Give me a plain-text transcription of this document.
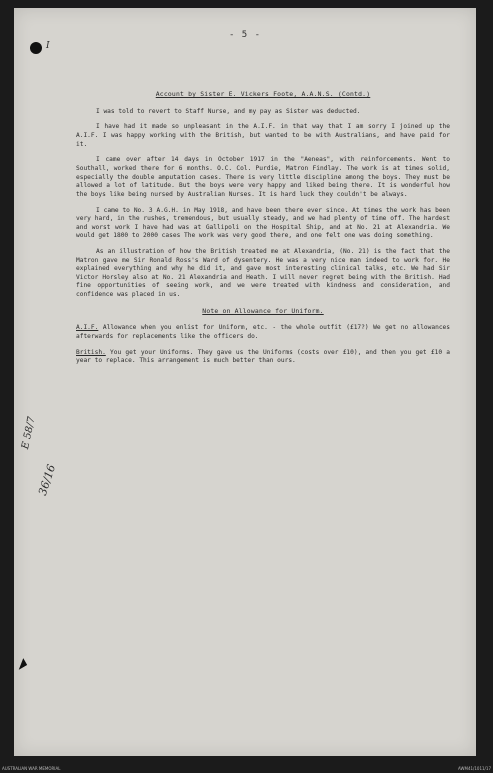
I
- 5 -
E 58/7
36/16
Account by Sister E. Vickers Foote, A.A.N.S. (Contd.)

I was told to revert to Staff Nurse, and my pay as Sister was deducted.

I have had it made so unpleasant in the A.I.F. in that way that I am sorry I joined up the A.I.F. I was happy working with the British, but wanted to be with Australians, and have paid for it.

I came over after 14 days in October 1917 in the "Aeneas", with reinforcements. Went to Southall, worked there for 6 months. O.C. Col. Purdie, Matron Findlay. The work is at times solid, especially the double amputation cases. There is very little discipline among the boys. They must be allowed a lot of latitude. But the boys were very happy and liked being there. It is wonderful how the boys like being nursed by Australian Nurses. It is hard luck they couldn't be always.

I came to No. 3 A.G.H. in May 1918, and have been there ever since. At times the work has been very hard, in the rushes, tremendous, but usually steady, and we had plenty of time off. The hardest and worst work I have had was at Gallipoli on the Hospital Ship, and at No. 21 at Alexandria. We would get 1800 to 2000 cases The work was very good there, and one felt one was doing something.

As an illustration of how the British treated me at Alexandria, (No. 21) is the fact that the Matron gave me Sir Ronald Ross's Ward of dysentery. He was a very nice man indeed to work for. He explained everything and why he did it, and gave most interesting clinical talks, etc. We had Sir Victor Horsley also at No. 21 Alexandria and Heath. I will never regret being with the British. Had fine opportunities of seeing work, and we were treated with kindness and consideration, and confidence was placed in us.

Note on Allowance for Uniform.

A.I.F. Allowance when you enlist for Uniform, etc. - the whole outfit (£17?) We get no allowances afterwards for replacements like the officers do.

British. You get your Uniforms. They gave us the Uniforms (costs over £10), and then you get £10 a year to replace. This arrangement is much better than ours.

AUSTRALIAN WAR MEMORIAL	AWM41/1011/17
